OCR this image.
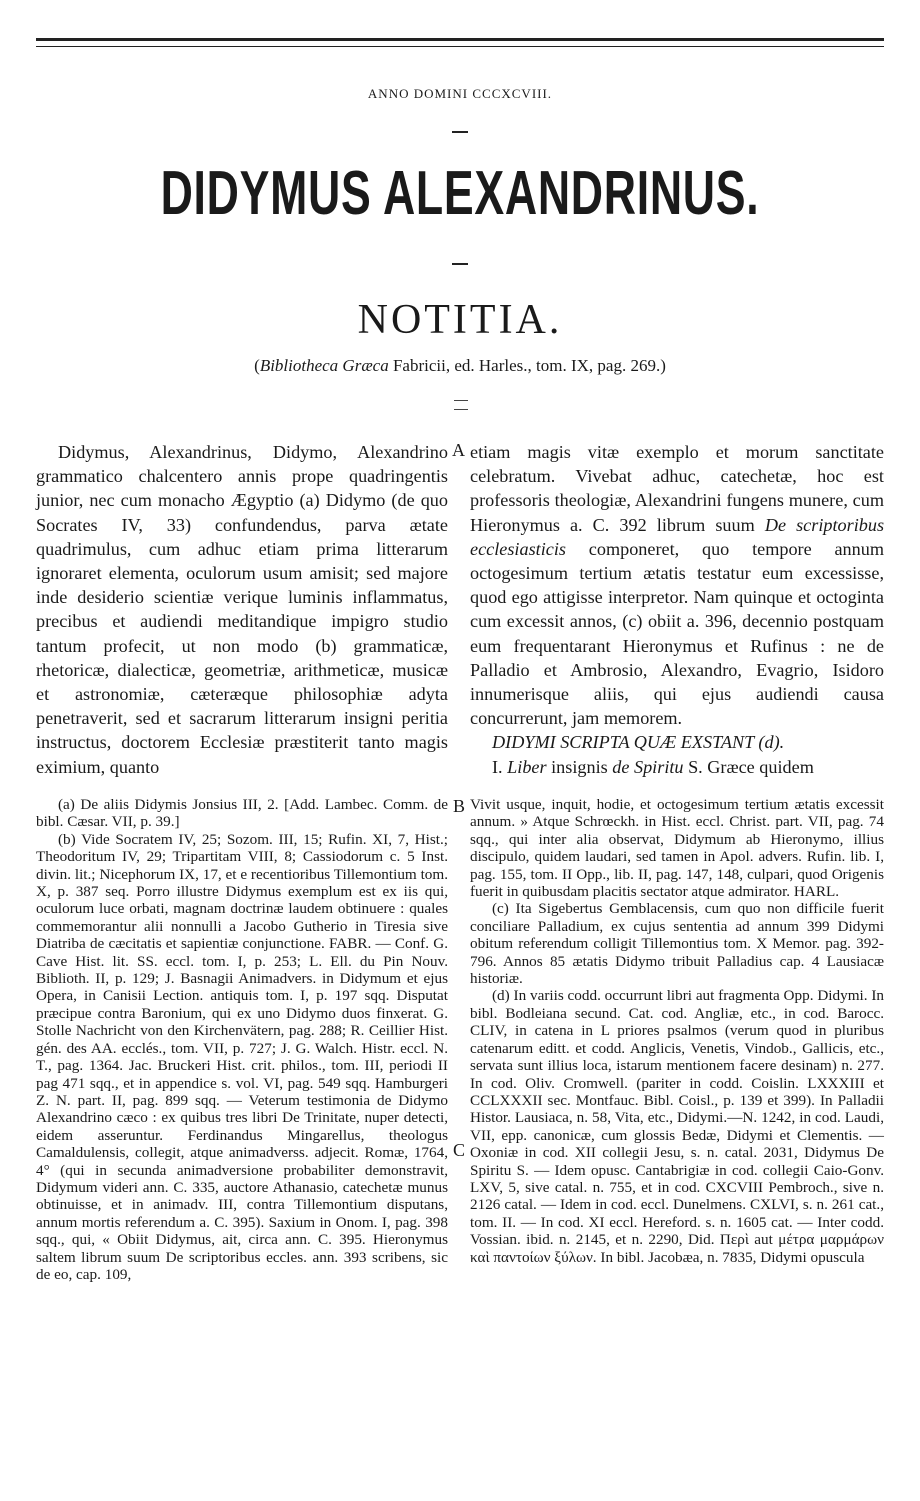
ANNO DOMINI CCCXCVIII.
DIDYMUS ALEXANDRINUS.
NOTITIA.
(Bibliotheca Græca Fabricii, ed. Harles., tom. IX, pag. 269.)

Didymus, Alexandrinus, Didymo, Alexandrino grammatico chalcentero annis prope quadringentis junior, nec cum monacho Ægyptio (a) Didymo (de quo Socrates IV, 33) confundendus, parva ætate quadrimulus, cum adhuc etiam prima litterarum ignoraret elementa, oculorum usum amisit; sed majore inde desiderio scientiæ verique luminis inflammatus, precibus et audiendi meditandique impigro studio tantum profecit, ut non modo (b) grammaticæ, rhetoricæ, dialecticæ, geometriæ, arithmeticæ, musicæ et astronomiæ, cæteræque philosophiæ adyta penetraverit, sed et sacrarum litterarum insigni peritia instructus, doctorem Ecclesiæ præstiterit tanto magis eximium, quanto

A etiam magis vitæ exemplo et morum sanctitate celebratum. Vivebat adhuc, catechetæ, hoc est professoris theologiæ, Alexandrini fungens munere, cum Hieronymus a. C. 392 librum suum De scriptoribus ecclesiasticis componeret, quo tempore annum octogesimum tertium ætatis testatur eum excessisse, quod ego attigisse interpretor. Nam quinque et octoginta cum excessit annos, (c) obiit a. 396, decennio postquam eum frequentarant Hieronymus et Rufinus : ne de Palladio et Ambrosio, Alexandro, Evagrio, Isidoro innumerisque aliis, qui ejus audiendi causa concurrerunt, jam memorem.

DIDYMI SCRIPTA QUÆ EXSTANT (d).

I. Liber insignis de Spiritu S. Græce quidem

(a) De aliis Didymis Jonsius III, 2. [Add. Lambec. Comm. de bibl. Cæsar. VII, p. 39.]

(b) Vide Socratem IV, 25; Sozom. III, 15; Rufin. XI, 7, Hist.; Theodoritum IV, 29; Tripartitam VIII, 8; Cassiodorum c. 5 Inst. divin. lit.; Nicephorum IX, 17, et e recentioribus Tillemontium tom. X, p. 387 seq. Porro illustre Didymus exemplum est ex iis qui, oculorum luce orbati, magnam doctrinæ laudem obtinuere : quales commemorantur alii nonnulli a Jacobo Gutherio in Tiresia sive Diatriba de cæcitatis et sapientiæ conjunctione. FABR. — Conf. G. Cave Hist. lit. SS. eccl. tom. I, p. 253; L. Ell. du Pin Nouv. Biblioth. II, p. 129; J. Basnagii Animadvers. in Didymum et ejus Opera, in Canisii Lection. antiquis tom. I, p. 197 sqq. Disputat præcipue contra Baronium, qui ex uno Didymo duos finxerat. G. Stolle Nachricht von den Kirchenvätern, pag. 288; R. Ceillier Hist. gén. des AA. ecclés., tom. VII, p. 727; J. G. Walch. Histr. eccl. N. T., pag. 1364. Jac. Bruckeri Hist. crit. philos., tom. III, periodi II pag 471 sqq., et in appendice s. vol. VI, pag. 549 sqq. Hamburgeri Z. N. part. II, pag. 899 sqq. — Veterum testimonia de Didymo Alexandrino cæco : ex quibus tres libri De Trinitate, nuper detecti, eidem asseruntur. Ferdinandus Mingarellus, theologus Camaldulensis, collegit, atque animadverss. adjecit. Romæ, 1764, 4° (qui in secunda animadversione probabiliter demonstravit, Didymum videri ann. C. 335, auctore Athanasio, catechetæ munus obtinuisse, et in animadv. III, contra Tillemontium disputans, annum mortis referendum a. C. 395). Saxium in Onom. I, pag. 398 sqq., qui, « Obiit Didymus, ait, circa ann. C. 395. Hieronymus saltem librum suum De scriptoribus eccles. ann. 393 scribens, sic de eo, cap. 109,

B
C

Vivit usque, inquit, hodie, et octogesimum tertium ætatis excessit annum. » Atque Schrœckh. in Hist. eccl. Christ. part. VII, pag. 74 sqq., qui inter alia observat, Didymum ab Hieronymo, illius discipulo, quidem laudari, sed tamen in Apol. advers. Rufin. lib. I, pag. 155, tom. II Opp., lib. II, pag. 147, 148, culpari, quod Origenis fuerit in quibusdam placitis sectator atque admirator. HARL.

(c) Ita Sigebertus Gemblacensis, cum quo non difficile fuerit conciliare Palladium, ex cujus sententia ad annum 399 Didymi obitum referendum colligit Tillemontius tom. X Memor. pag. 392-796. Annos 85 ætatis Didymo tribuit Palladius cap. 4 Lausiacæ historiæ.

(d) In variis codd. occurrunt libri aut fragmenta Opp. Didymi. In bibl. Bodleiana secund. Cat. cod. Angliæ, etc., in cod. Barocc. CLIV, in catena in L priores psalmos (verum quod in pluribus catenarum editt. et codd. Anglicis, Venetis, Vindob., Gallicis, etc., servata sunt illius loca, istarum mentionem facere desinam) n. 277. In cod. Oliv. Cromwell. (pariter in codd. Coislin. LXXXIII et CCLXXXII sec. Montfauc. Bibl. Coisl., p. 139 et 399). In Palladii Histor. Lausiaca, n. 58, Vita, etc., Didymi.—N. 1242, in cod. Laudi, VII, epp. canonicæ, cum glossis Bedæ, Didymi et Clementis. — Oxoniæ in cod. XII collegii Jesu, s. n. catal. 2031, Didymus De Spiritu S. — Idem opusc. Cantabrigiæ in cod. collegii Caio-Gonv. LXV, 5, sive catal. n. 755, et in cod. CXCVIII Pembroch., sive n. 2126 catal. — Idem in cod. eccl. Dunelmens. CXLVI, s. n. 261 cat., tom. II. — In cod. XI eccl. Hereford. s. n. 1605 cat. — Inter codd. Vossian. ibid. n. 2145, et n. 2290, Did. Περὶ aut μέτρα μαρμάρων καὶ παντοίων ξύλων. In bibl. Jacobæa, n. 7835, Didymi opuscula
